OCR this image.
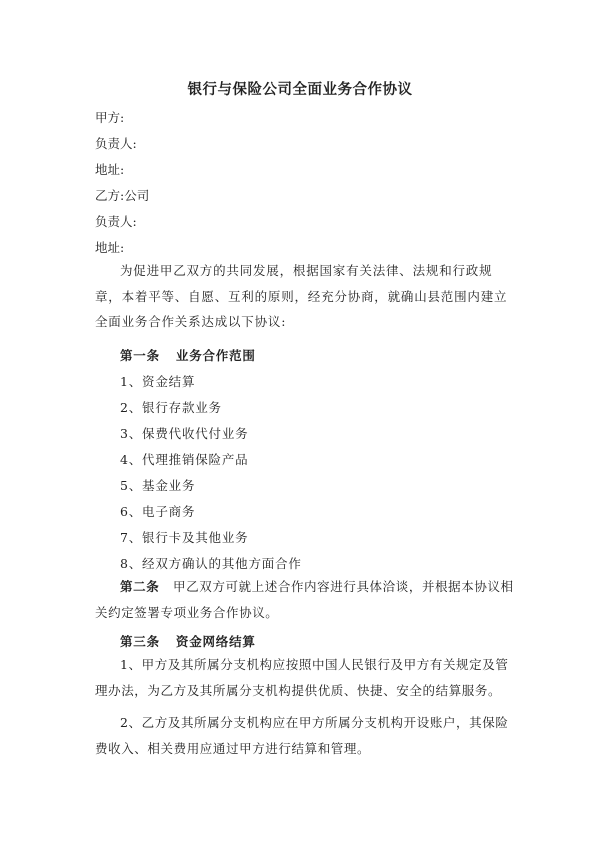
银行与保险公司全面业务合作协议
甲方:
负责人:
地址:
乙方:公司
负责人:
地址:
为促进甲乙双方的共同发展，根据国家有关法律、法规和行政规章，本着平等、自愿、互利的原则，经充分协商，就确山县范围内建立全面业务合作关系达成以下协议:
第一条 业务合作范围
1、资金结算
2、银行存款业务
3、保费代收代付业务
4、代理推销保险产品
5、基金业务
6、电子商务
7、银行卡及其他业务
8、经双方确认的其他方面合作
第二条 甲乙双方可就上述合作内容进行具体洽谈，并根据本协议相关约定签署专项业务合作协议。
第三条 资金网络结算
1、甲方及其所属分支机构应按照中国人民银行及甲方有关规定及管理办法，为乙方及其所属分支机构提供优质、快捷、安全的结算服务。
2、乙方及其所属分支机构应在甲方所属分支机构开设账户，其保险费收入、相关费用应通过甲方进行结算和管理。
